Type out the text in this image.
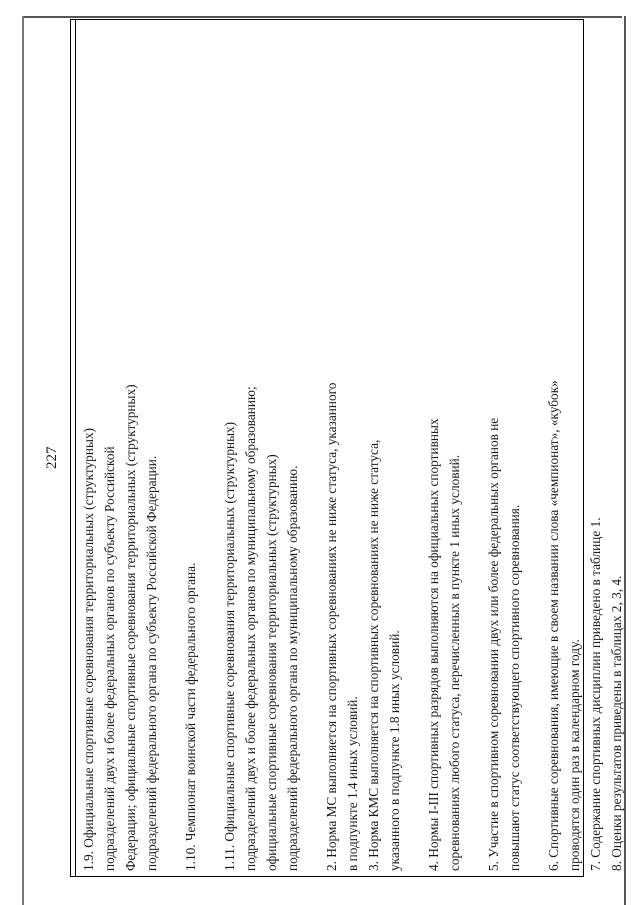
227 1.9. Официальные спортивные соревнования территориальных (структурных) подразделений двух и более федеральных органов по субъекту Российской Федерации; официальные спортивные соревнования территориальных (структурных) подразделений федерального органа по субъекту Российской Федерации. 1.10. Чемпионат воинской части федерального органа. 1.11. Официальные спортивные соревнования территориальных (структурных) подразделений двух и более федеральных органов по муниципальному образованию; официальные спортивные соревнования территориальных (структурных) подразделений федерального органа по муниципальному образованию. 2. Норма МС выполняется на спортивных соревнованиях не ниже статуса, указанного в подпункте 1.4 иных условий. 3. Норма КМС выполняется на спортивных соревнованиях не ниже статуса, указанного в подпункте 1.8 иных условий. 4. Нормы I-III спортивных разрядов выполняются на официальных спортивных соревнованиях любого статуса, перечисленных в пункте 1 иных условий. 5. Участие в спортивном соревновании двух или более федеральных органов не повышают статус соответствующего спортивного соревнования. 6. Спортивные соревнования, имеющие в своем названии слова «чемпионат», «кубок» проводятся один раз в календарном году. 7. Содержание спортивных дисциплин приведено в таблице 1. 8. Оценки результатов приведены в таблицах 2, 3, 4.
